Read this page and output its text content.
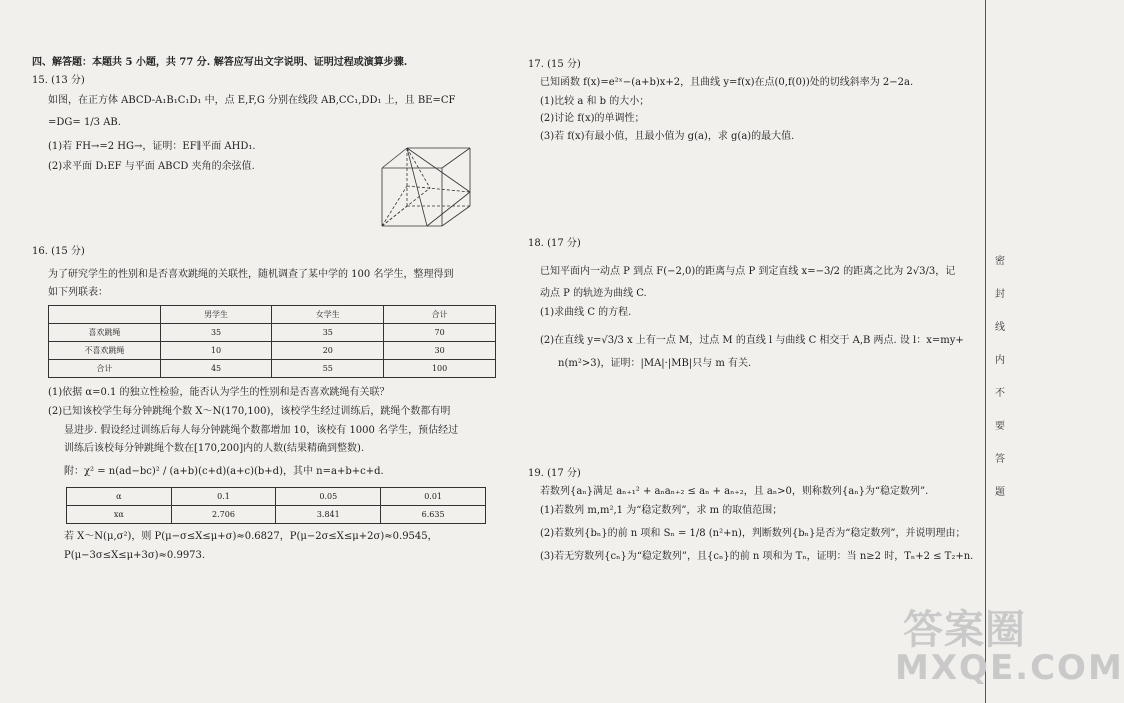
四、解答题：本题共 5 小题，共 77 分. 解答应写出文字说明、证明过程或演算步骤.
15. (13 分)
如图，在正方体 ABCD-A₁B₁C₁D₁ 中，点 E,F,G 分别在线段 AB,CC₁,DD₁ 上，且 BE=CF
=DG= 1/3 AB.
(1)若 FH→=2 HG→，证明：EF∥平面 AHD₁.
(2)求平面 D₁EF 与平面 ABCD 夹角的余弦值.
16. (15 分)
为了研究学生的性别和是否喜欢跳绳的关联性，随机调查了某中学的 100 名学生，整理得到
如下列联表：
	男学生	女学生	合计
喜欢跳绳	35	35	70
不喜欢跳绳	10	20	30
合计	45	55	100
(1)依据 α=0.1 的独立性检验，能否认为学生的性别和是否喜欢跳绳有关联？
(2)已知该校学生每分钟跳绳个数 X～N(170,100)，该校学生经过训练后，跳绳个数都有明
显进步. 假设经过训练后每人每分钟跳绳个数都增加 10，该校有 1000 名学生，预估经过
训练后该校每分钟跳绳个数在[170,200]内的人数(结果精确到整数).
附：χ² = n(ad−bc)² / (a+b)(c+d)(a+c)(b+d)，其中 n=a+b+c+d.
α	0.1	0.05	0.01
xα	2.706	3.841	6.635
若 X～N(μ,σ²)，则 P(μ−σ≤X≤μ+σ)≈0.6827，P(μ−2σ≤X≤μ+2σ)≈0.9545，
P(μ−3σ≤X≤μ+3σ)≈0.9973.
17. (15 分)
已知函数 f(x)=e²ˣ−(a+b)x+2，且曲线 y=f(x)在点(0,f(0))处的切线斜率为 2−2a.
(1)比较 a 和 b 的大小；
(2)讨论 f(x)的单调性；
(3)若 f(x)有最小值，且最小值为 g(a)，求 g(a)的最大值.
18. (17 分)
已知平面内一动点 P 到点 F(−2,0)的距离与点 P 到定直线 x=−3/2 的距离之比为 2√3/3，记
动点 P 的轨迹为曲线 C.
(1)求曲线 C 的方程.
(2)在直线 y=√3/3 x 上有一点 M，过点 M 的直线 l 与曲线 C 相交于 A,B 两点. 设 l：x=my+
n(m²>3)，证明：|MA|·|MB|只与 m 有关.
19. (17 分)
若数列{aₙ}满足 aₙ₊₁² + aₙaₙ₊₂ ≤ aₙ + aₙ₊₂，且 aₙ>0，则称数列{aₙ}为“稳定数列”.
(1)若数列 m,m²,1 为“稳定数列”，求 m 的取值范围；
(2)若数列{bₙ}的前 n 项和 Sₙ = 1/8 (n²+n)，判断数列{bₙ}是否为“稳定数列”，并说明理由；
(3)若无穷数列{cₙ}为“稳定数列”，且{cₙ}的前 n 项和为 Tₙ，证明：当 n≥2 时，Tₙ+2 ≤ T₂+n.
密
封
线
内
不
要
答
题
答案圈
MXQE.COM
